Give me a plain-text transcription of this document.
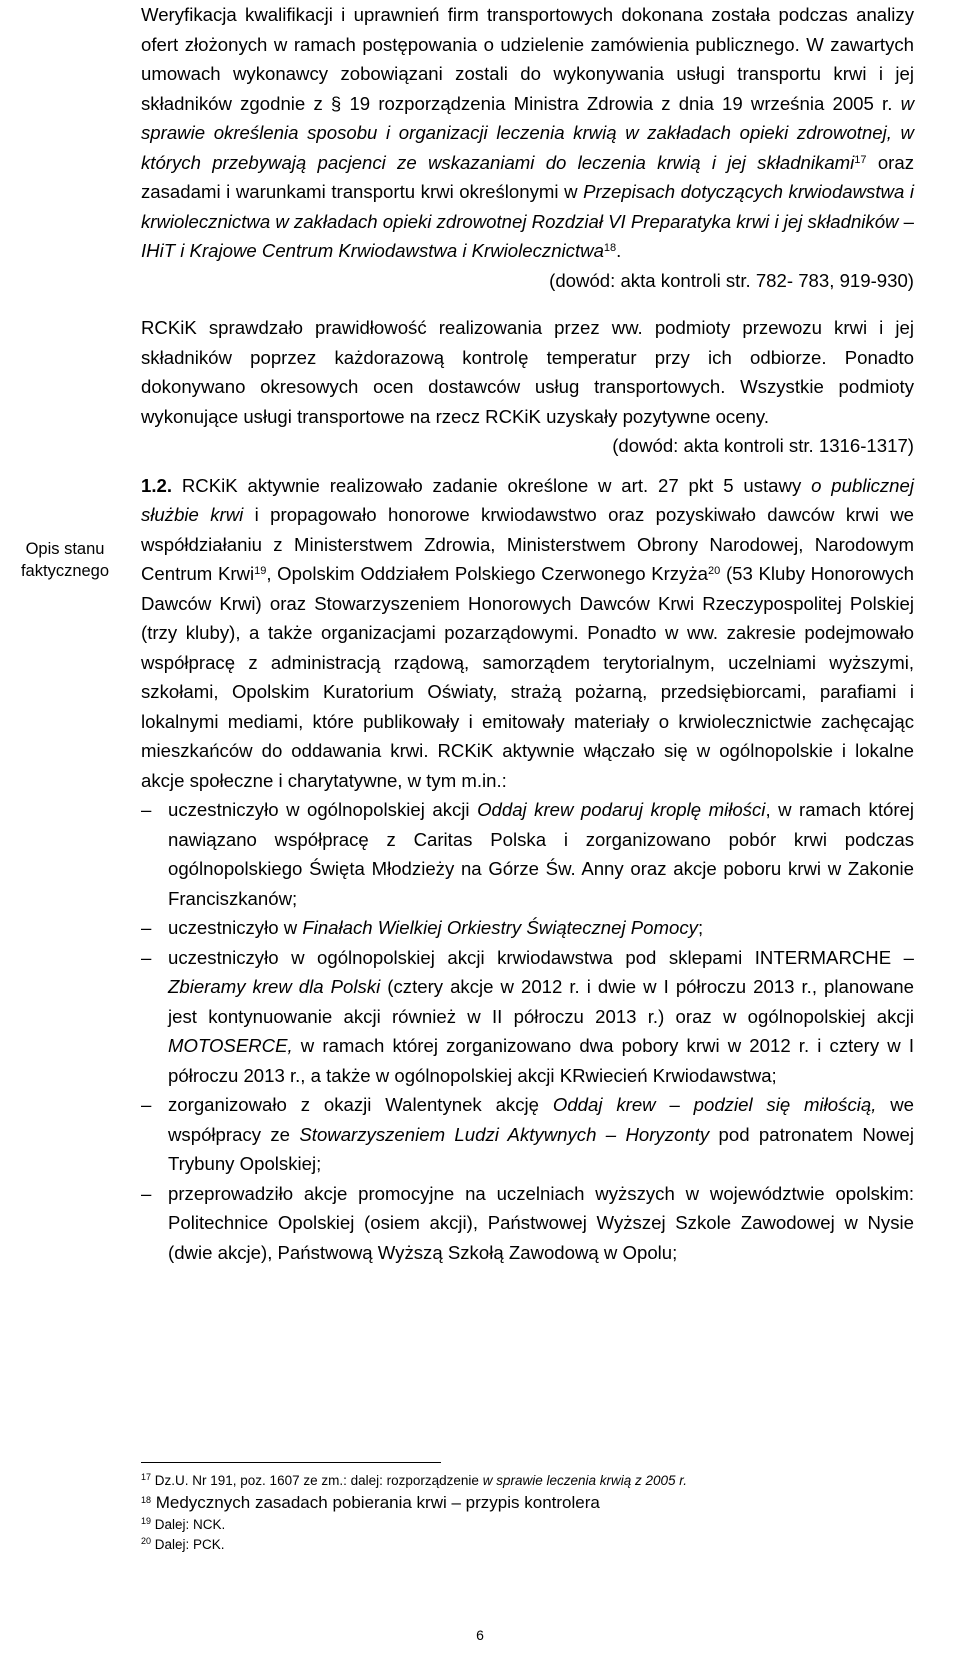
Opis stanu
faktycznego

Weryfikacja kwalifikacji i uprawnień firm transportowych dokonana została podczas analizy ofert złożonych w ramach postępowania o udzielenie zamówienia publicznego. W zawartych umowach wykonawcy zobowiązani zostali do wykonywania usługi transportu krwi i jej składników zgodnie z § 19 rozporządzenia Ministra Zdrowia z dnia 19 września 2005 r. w sprawie określenia sposobu i organizacji leczenia krwią w zakładach opieki zdrowotnej, w których przebywają pacjenci ze wskazaniami do leczenia krwią i jej składnikami$^{17}$ oraz zasadami i warunkami transportu krwi określonymi w Przepisach dotyczących krwiodawstwa i krwiolecznictwa w zakładach opieki zdrowotnej Rozdział VI Preparatyka krwi i jej składników – IHiT i Krajowe Centrum Krwiodawstwa i Krwiolecznictwa$^{18}$.

(dowód: akta kontroli str. 782- 783, 919-930)

RCKiK sprawdzało prawidłowość realizowania przez ww. podmioty przewozu krwi i jej składników poprzez każdorazową kontrolę temperatur przy ich odbiorze. Ponadto dokonywano okresowych ocen dostawców usług transportowych. Wszystkie podmioty wykonujące usługi transportowe na rzecz RCKiK uzyskały pozytywne oceny.

(dowód: akta kontroli str. 1316-1317)

1.2. RCKiK aktywnie realizowało zadanie określone w art. 27 pkt 5 ustawy o publicznej służbie krwi i propagowało honorowe krwiodawstwo oraz pozyskiwało dawców krwi we współdziałaniu z Ministerstwem Zdrowia, Ministerstwem Obrony Narodowej, Narodowym Centrum Krwi$^{19}$, Opolskim Oddziałem Polskiego Czerwonego Krzyża$^{20}$ (53 Kluby Honorowych Dawców Krwi) oraz Stowarzyszeniem Honorowych Dawców Krwi Rzeczypospolitej Polskiej (trzy kluby), a także organizacjami pozarządowymi. Ponadto w ww. zakresie podejmowało współpracę z administracją rządową, samorządem terytorialnym, uczelniami wyższymi, szkołami, Opolskim Kuratorium Oświaty, strażą pożarną, przedsiębiorcami, parafiami i lokalnymi mediami, które publikowały i emitowały materiały o krwiolecznictwie zachęcając mieszkańców do oddawania krwi. RCKiK aktywnie włączało się w ogólnopolskie i lokalne akcje społeczne i charytatywne, w tym m.in.:

– uczestniczyło w ogólnopolskiej akcji Oddaj krew podaruj kroplę miłości, w ramach której nawiązano współpracę z Caritas Polska i zorganizowano pobór krwi podczas ogólnopolskiego Święta Młodzieży na Górze Św. Anny oraz akcje poboru krwi w Zakonie Franciszkanów;
– uczestniczyło w Finałach Wielkiej Orkiestry Świątecznej Pomocy;
– uczestniczyło w ogólnopolskiej akcji krwiodawstwa pod sklepami INTERMARCHE – Zbieramy krew dla Polski (cztery akcje w 2012 r. i dwie w I półroczu 2013 r., planowane jest kontynuowanie akcji również w II półroczu 2013 r.) oraz w ogólnopolskiej akcji MOTOSERCE, w ramach której zorganizowano dwa pobory krwi w 2012 r. i cztery w I półroczu 2013 r., a także w ogólnopolskiej akcji KRwiecień Krwiodawstwa;
– zorganizowało z okazji Walentynek akcję Oddaj krew – podziel się miłością, we współpracy ze Stowarzyszeniem Ludzi Aktywnych – Horyzonty pod patronatem Nowej Trybuny Opolskiej;
– przeprowadziło akcje promocyjne na uczelniach wyższych w województwie opolskim: Politechnice Opolskiej (osiem akcji), Państwowej Wyższej Szkole Zawodowej w Nysie (dwie akcje), Państwową Wyższą Szkołą Zawodową w Opolu;
$^{17}$ Dz.U. Nr 191, poz. 1607 ze zm.: dalej: rozporządzenie w sprawie leczenia krwią z 2005 r.
$^{18}$ Medycznych zasadach pobierania krwi – przypis kontrolera
$^{19}$ Dalej: NCK.
$^{20}$ Dalej: PCK.
6
